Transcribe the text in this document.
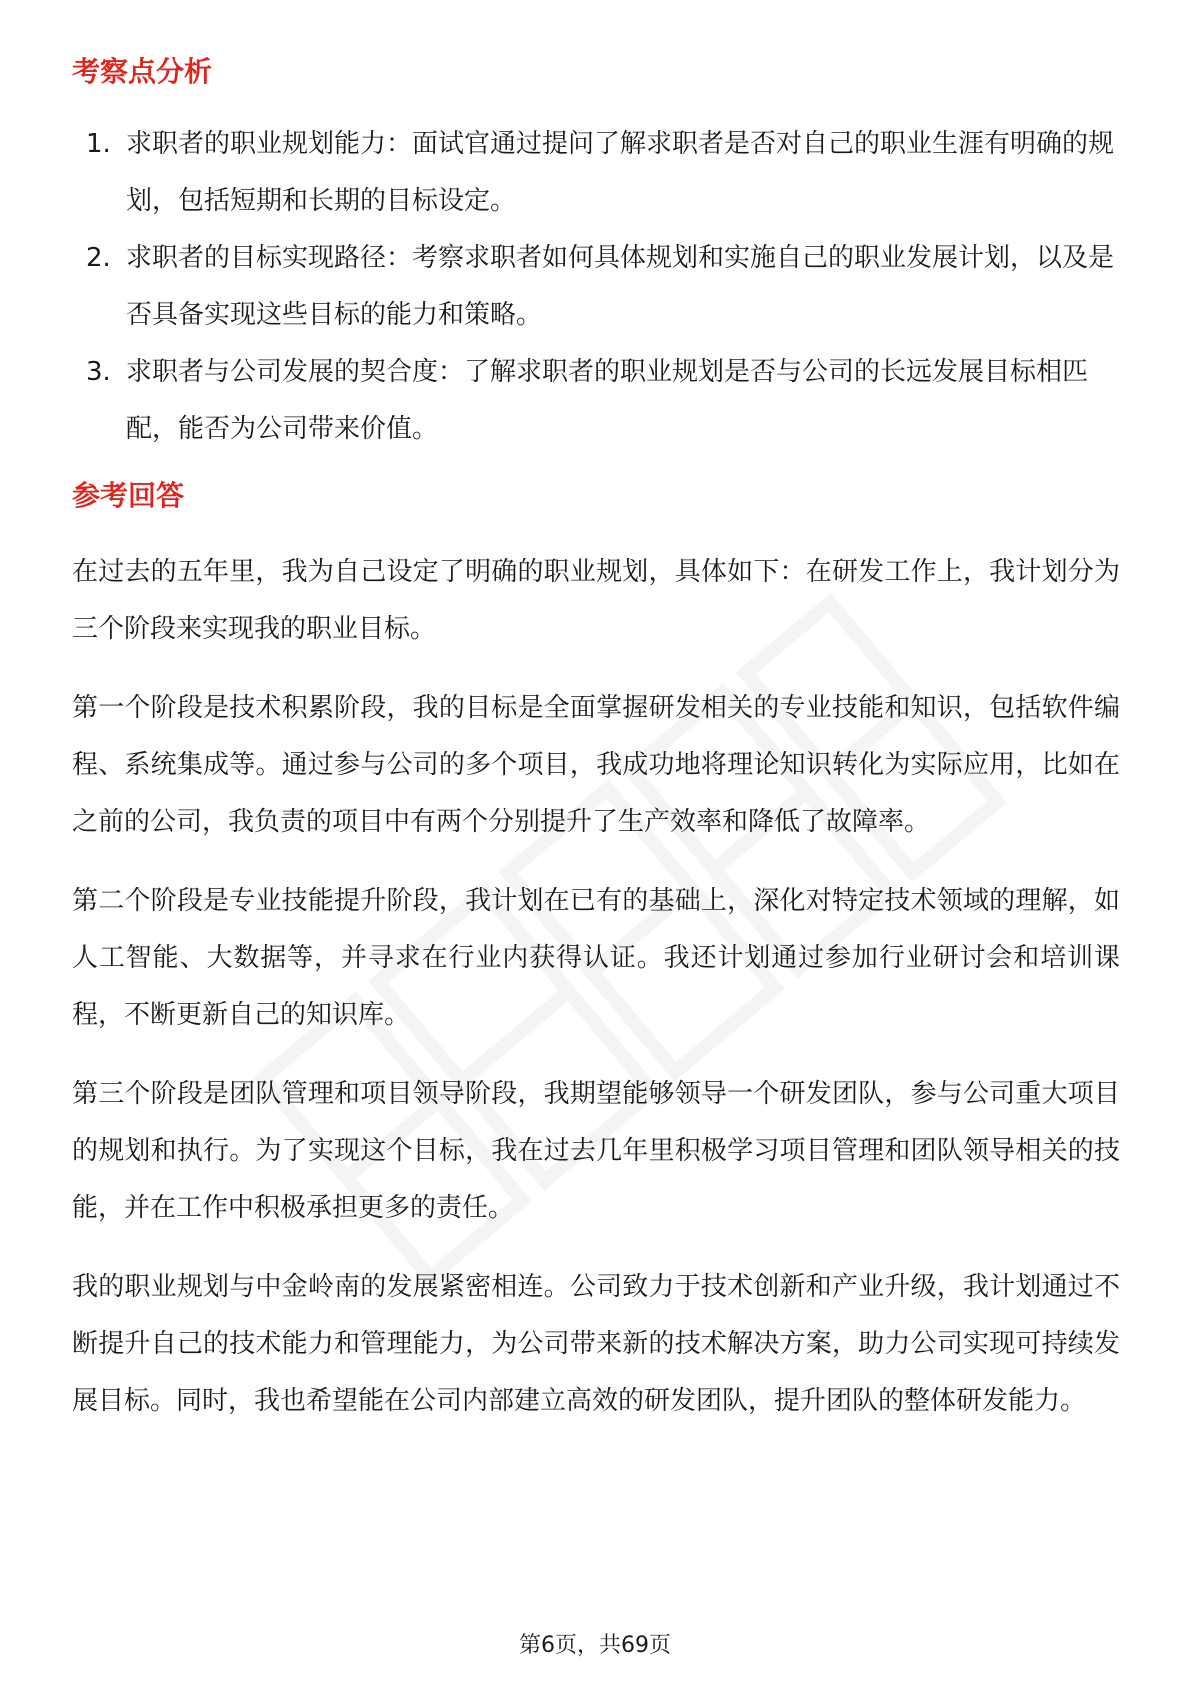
考察点分析
1. 求职者的职业规划能力：面试官通过提问了解求职者是否对自己的职业生涯有明确的规划，包括短期和长期的目标设定。
2. 求职者的目标实现路径：考察求职者如何具体规划和实施自己的职业发展计划，以及是否具备实现这些目标的能力和策略。
3. 求职者与公司发展的契合度：了解求职者的职业规划是否与公司的长远发展目标相匹配，能否为公司带来价值。
参考回答

在过去的五年里，我为自己设定了明确的职业规划，具体如下：在研发工作上，我计划分为三个阶段来实现我的职业目标。

第一个阶段是技术积累阶段，我的目标是全面掌握研发相关的专业技能和知识，包括软件编程、系统集成等。通过参与公司的多个项目，我成功地将理论知识转化为实际应用，比如在之前的公司，我负责的项目中有两个分别提升了生产效率和降低了故障率。

第二个阶段是专业技能提升阶段，我计划在已有的基础上，深化对特定技术领域的理解，如人工智能、大数据等，并寻求在行业内获得认证。我还计划通过参加行业研讨会和培训课程，不断更新自己的知识库。

第三个阶段是团队管理和项目领导阶段，我期望能够领导一个研发团队，参与公司重大项目的规划和执行。为了实现这个目标，我在过去几年里积极学习项目管理和团队领导相关的技能，并在工作中积极承担更多的责任。

我的职业规划与中金岭南的发展紧密相连。公司致力于技术创新和产业升级，我计划通过不断提升自己的技术能力和管理能力，为公司带来新的技术解决方案，助力公司实现可持续发展目标。同时，我也希望能在公司内部建立高效的研发团队，提升团队的整体研发能力。

第6页，共69页
